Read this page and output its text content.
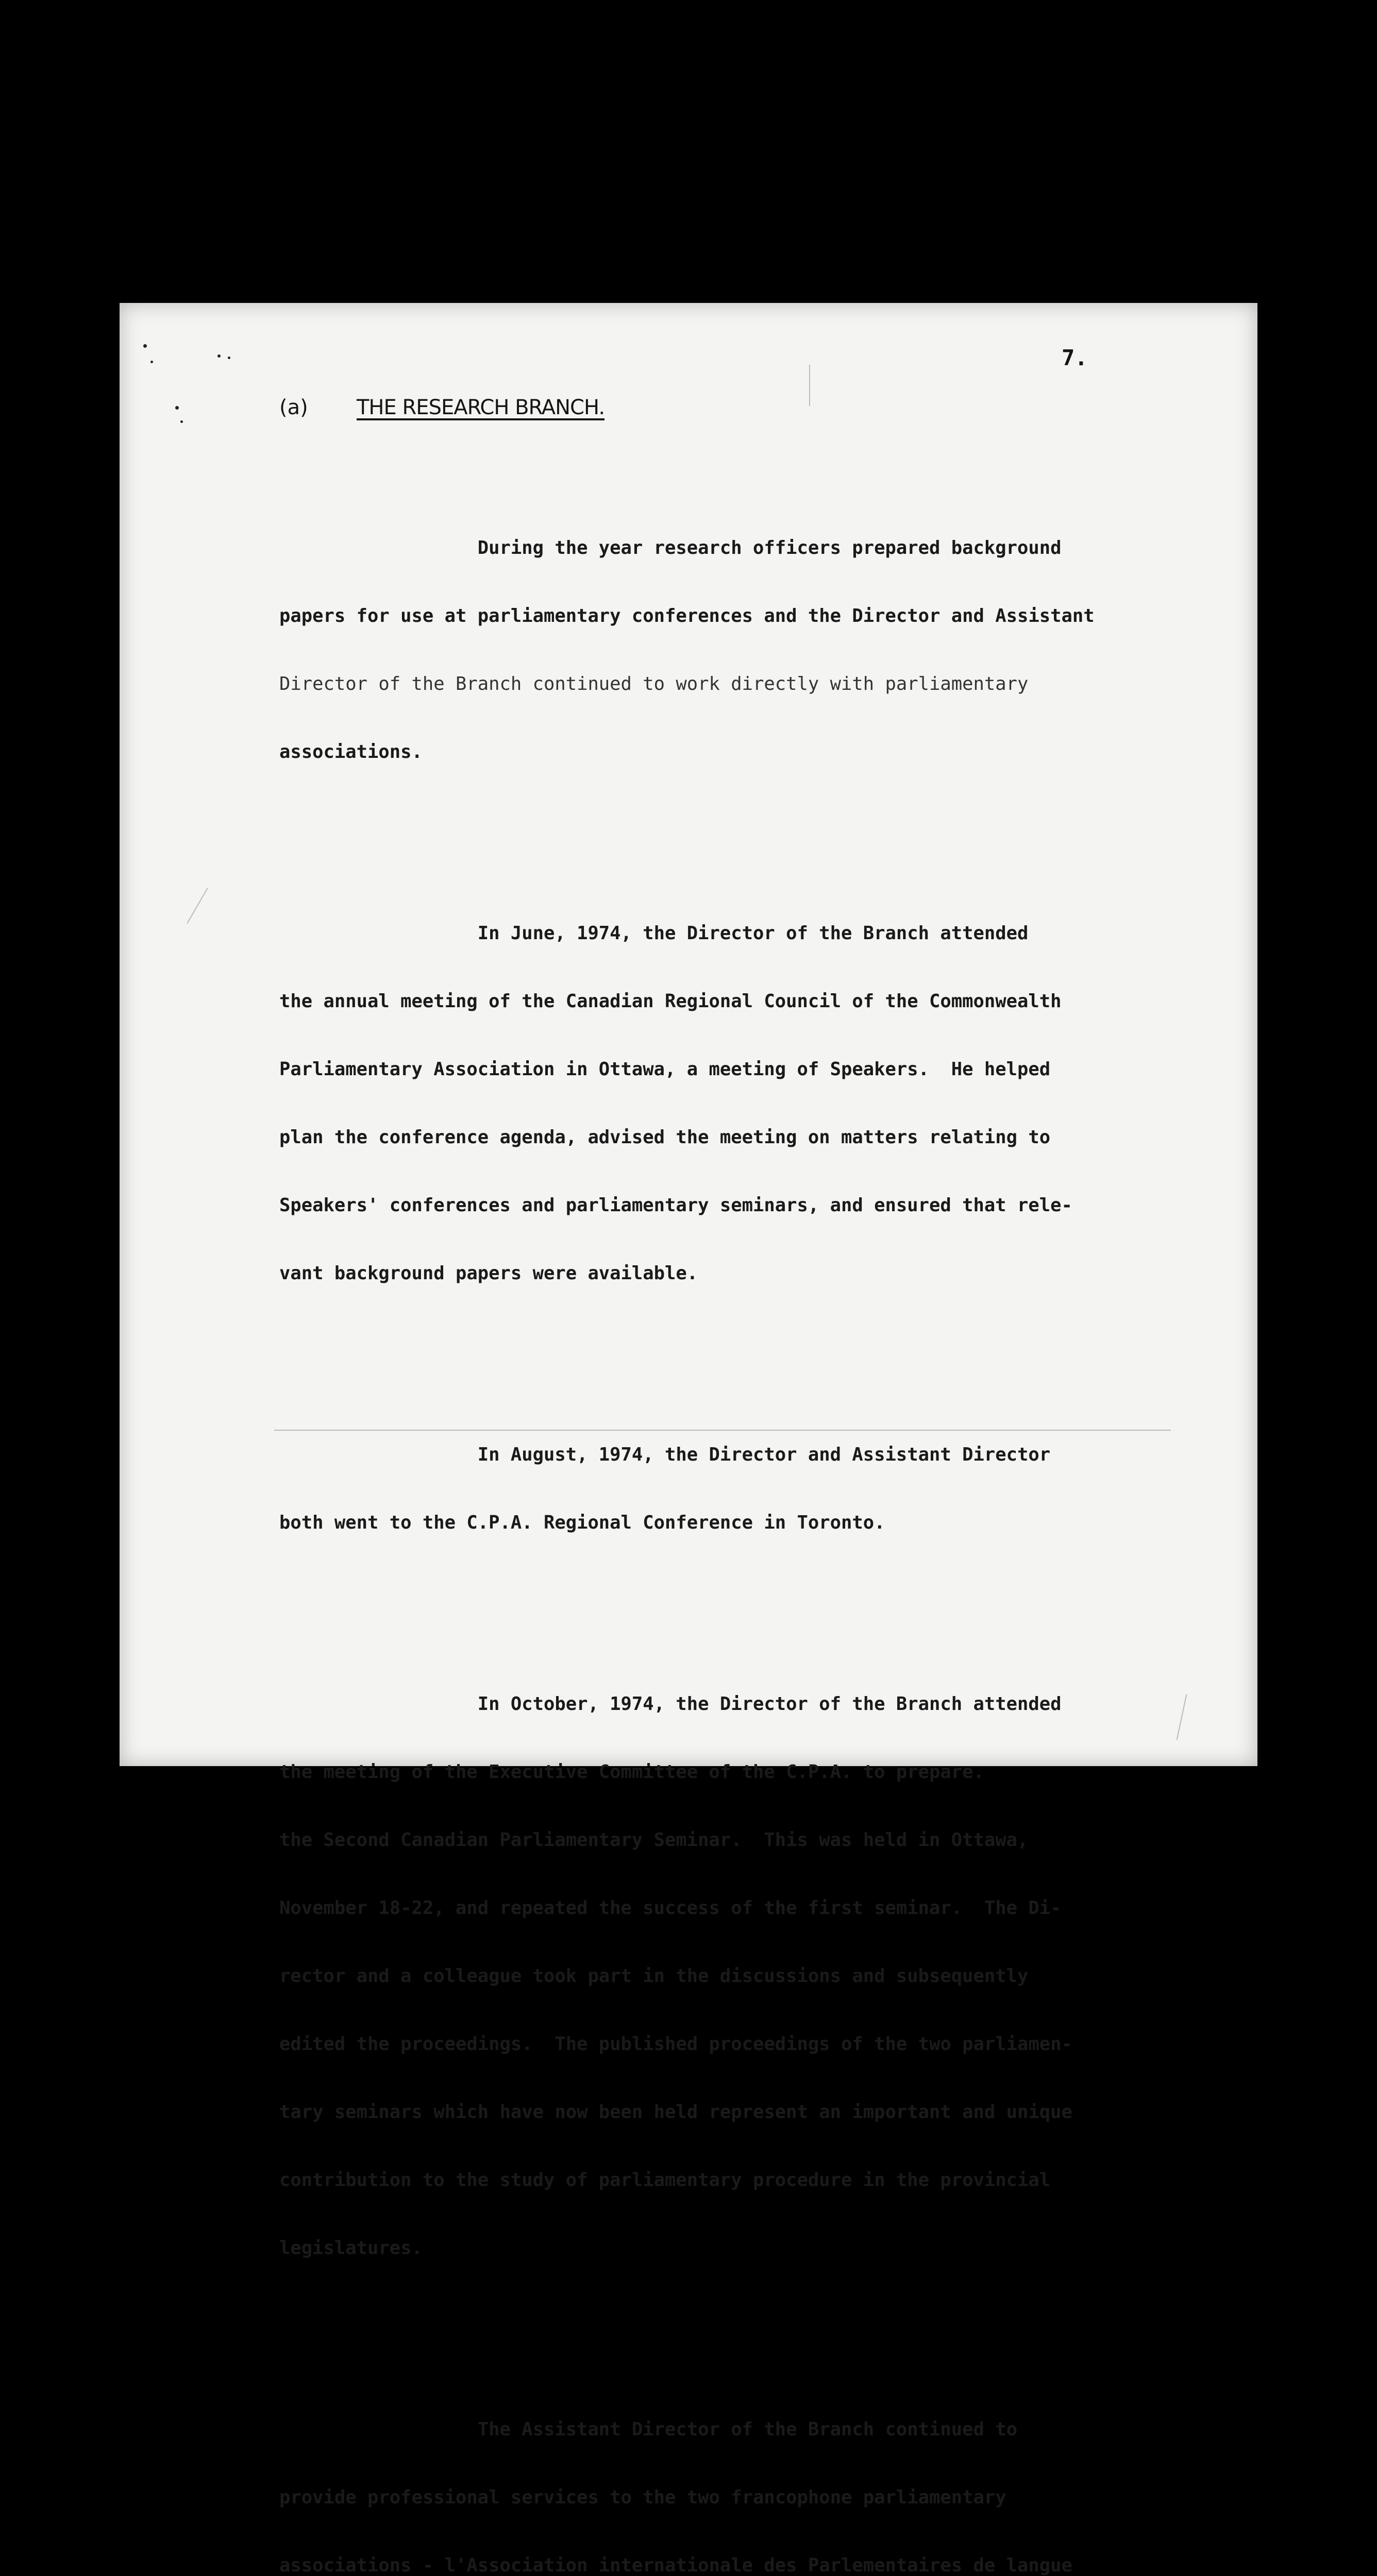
7.
(a) THE RESEARCH BRANCH.

During the year research officers prepared background

papers for use at parliamentary conferences and the Director and Assistant

Director of the Branch continued to work directly with parliamentary

associations.

In June, 1974, the Director of the Branch attended

the annual meeting of the Canadian Regional Council of the Commonwealth

Parliamentary Association in Ottawa, a meeting of Speakers.  He helped

plan the conference agenda, advised the meeting on matters relating to

Speakers' conferences and parliamentary seminars, and ensured that rele-

vant background papers were available.

In August, 1974, the Director and Assistant Director

both went to the C.P.A. Regional Conference in Toronto.

In October, 1974, the Director of the Branch attended

the meeting of the Executive Committee of the C.P.A. to prepare.

the Second Canadian Parliamentary Seminar.  This was held in Ottawa,

November 18-22, and repeated the success of the first seminar.  The Di-

rector and a colleague took part in the discussions and subsequently

edited the proceedings.  The published proceedings of the two parliamen-

tary seminars which have now been held represent an important and unique

contribution to the study of parliamentary procedure in the provincial

legislatures.

The Assistant Director of the Branch continued to

provide professional services to the two francophone parliamentary

associations - l'Association internationale des Parlementaires de langue
